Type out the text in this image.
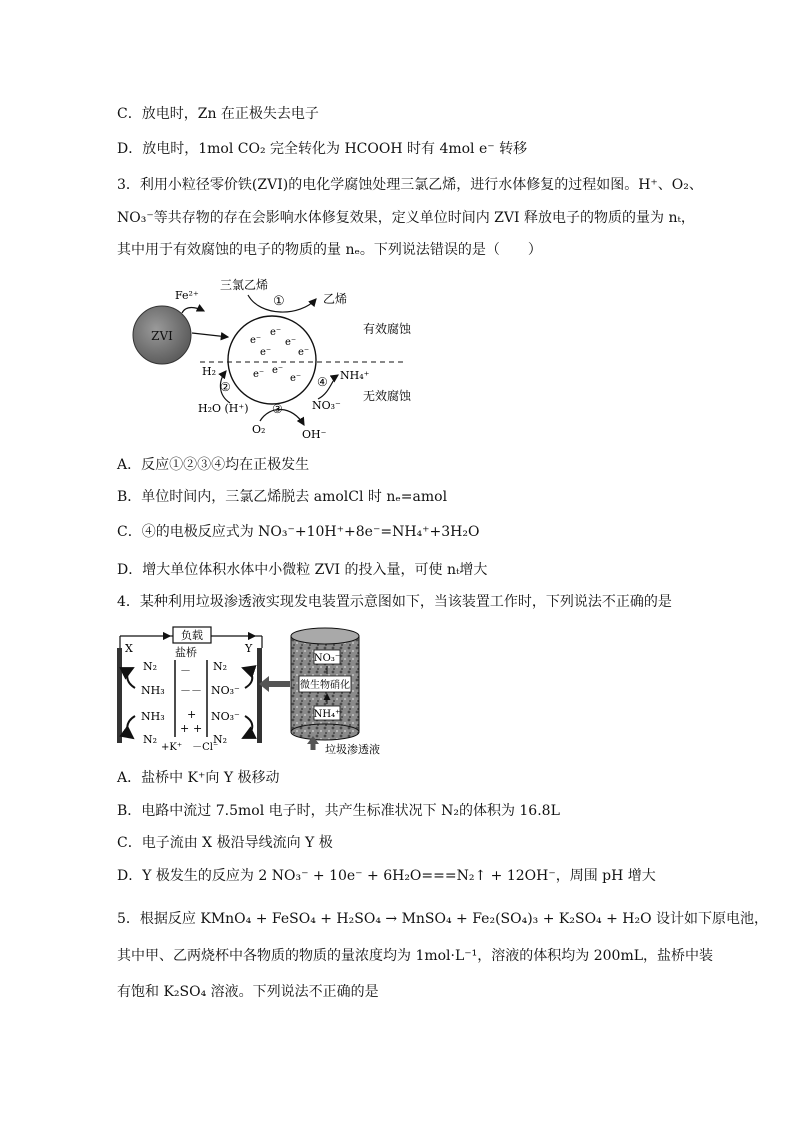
C．放电时，Zn 在正极失去电子
D．放电时，1mol CO₂ 完全转化为 HCOOH 时有 4mol e⁻ 转移
3．利用小粒径零价铁(ZVI)的电化学腐蚀处理三氯乙烯，进行水体修复的过程如图。H⁺、O₂、
NO₃⁻等共存物的存在会影响水体修复效果，定义单位时间内 ZVI 释放电子的物质的量为 nₜ，
其中用于有效腐蚀的电子的物质的量 nₑ。下列说法错误的是（　　）
ZVI
Fe²⁺
e⁻
e⁻
e⁻
e⁻	e⁻
e⁻ e⁻
e⁻
三氯乙烯
乙烯
①
有效腐蚀
无效腐蚀
H₂
②
H₂O (H⁺) ③
O₂	OH⁻
④ NH₄⁺
NO₃⁻
A．反应①②③④均在正极发生
B．单位时间内，三氯乙烯脱去 amolCl 时 nₑ=amol
C．④的电极反应式为 NO₃⁻+10H⁺+8e⁻=NH₄⁺+3H₂O
D．增大单位体积水体中小微粒 ZVI 的投入量，可使 nₜ增大
4．某种利用垃圾渗透液实现发电装置示意图如下，当该装置工作时，下列说法不正确的是
负载
X	Y
盐桥
－
－ －
+
+ +
+K⁺　－Cl⁻
N₂
NH₃
NH₃
N₂
N₂
NO₃⁻
NO₃⁻
N₂
NO₃⁻
微生物硝化
NH₄⁺
垃圾渗透液
A．盐桥中 K⁺向 Y 极移动
B．电路中流过 7.5mol 电子时，共产生标准状况下 N₂的体积为 16.8L
C．电子流由 X 极沿导线流向 Y 极
D．Y 极发生的反应为 2 NO₃⁻ + 10e⁻ + 6H₂O===N₂↑ + 12OH⁻，周围 pH 增大
5．根据反应 KMnO₄ + FeSO₄ + H₂SO₄ → MnSO₄ + Fe₂(SO₄)₃ + K₂SO₄ + H₂O 设计如下原电池，
其中甲、乙两烧杯中各物质的物质的量浓度均为 1mol·L⁻¹，溶液的体积均为 200mL，盐桥中装
有饱和 K₂SO₄ 溶液。下列说法不正确的是
